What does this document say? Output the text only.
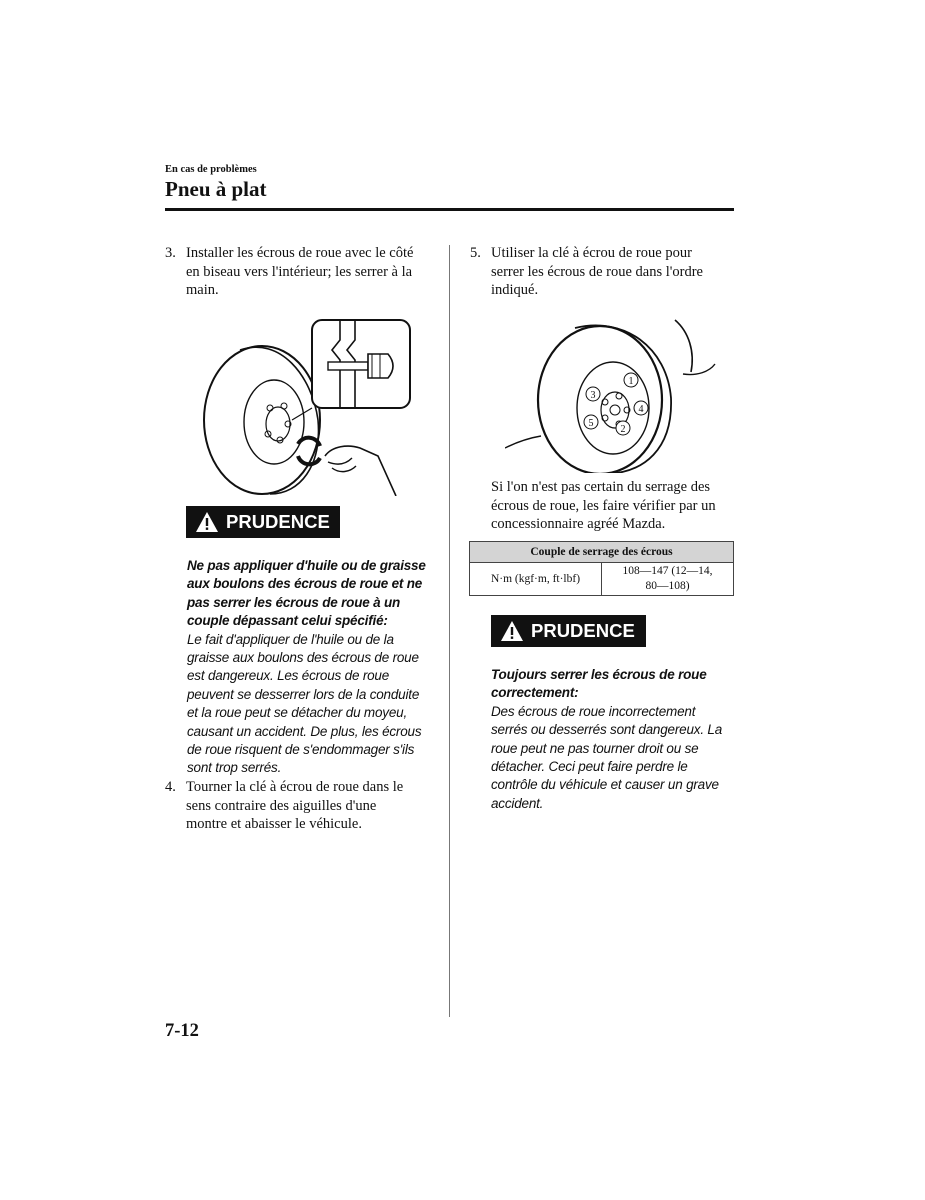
En cas de problèmes
Pneu à plat
3. Installer les écrous de roue avec le côté
en biseau vers l'intérieur; les serrer à la
main.
PRUDENCE
Ne pas appliquer d'huile ou de graisse
aux boulons des écrous de roue et ne
pas serrer les écrous de roue à un
couple dépassant celui spécifié:
Le fait d'appliquer de l'huile ou de la
graisse aux boulons des écrous de roue
est dangereux. Les écrous de roue
peuvent se desserrer lors de la conduite
et la roue peut se détacher du moyeu,
causant un accident. De plus, les écrous
de roue risquent de s'endommager s'ils
sont trop serrés.
4. Tourner la clé à écrou de roue dans le
sens contraire des aiguilles d'une
montre et abaisser le véhicule.
5. Utiliser la clé à écrou de roue pour
serrer les écrous de roue dans l'ordre
indiqué.
1
2
3
4
5
Si l'on n'est pas certain du serrage des
écrous de roue, les faire vérifier par un
concessionnaire agréé Mazda.
Couple de serrage des écrous
N·m (kgf·m, ft·lbf)	
108—147 (12—14,
80—108)
PRUDENCE
Toujours serrer les écrous de roue
correctement:
Des écrous de roue incorrectement
serrés ou desserrés sont dangereux. La
roue peut ne pas tourner droit ou se
détacher. Ceci peut faire perdre le
contrôle du véhicule et causer un grave
accident.
7-12
